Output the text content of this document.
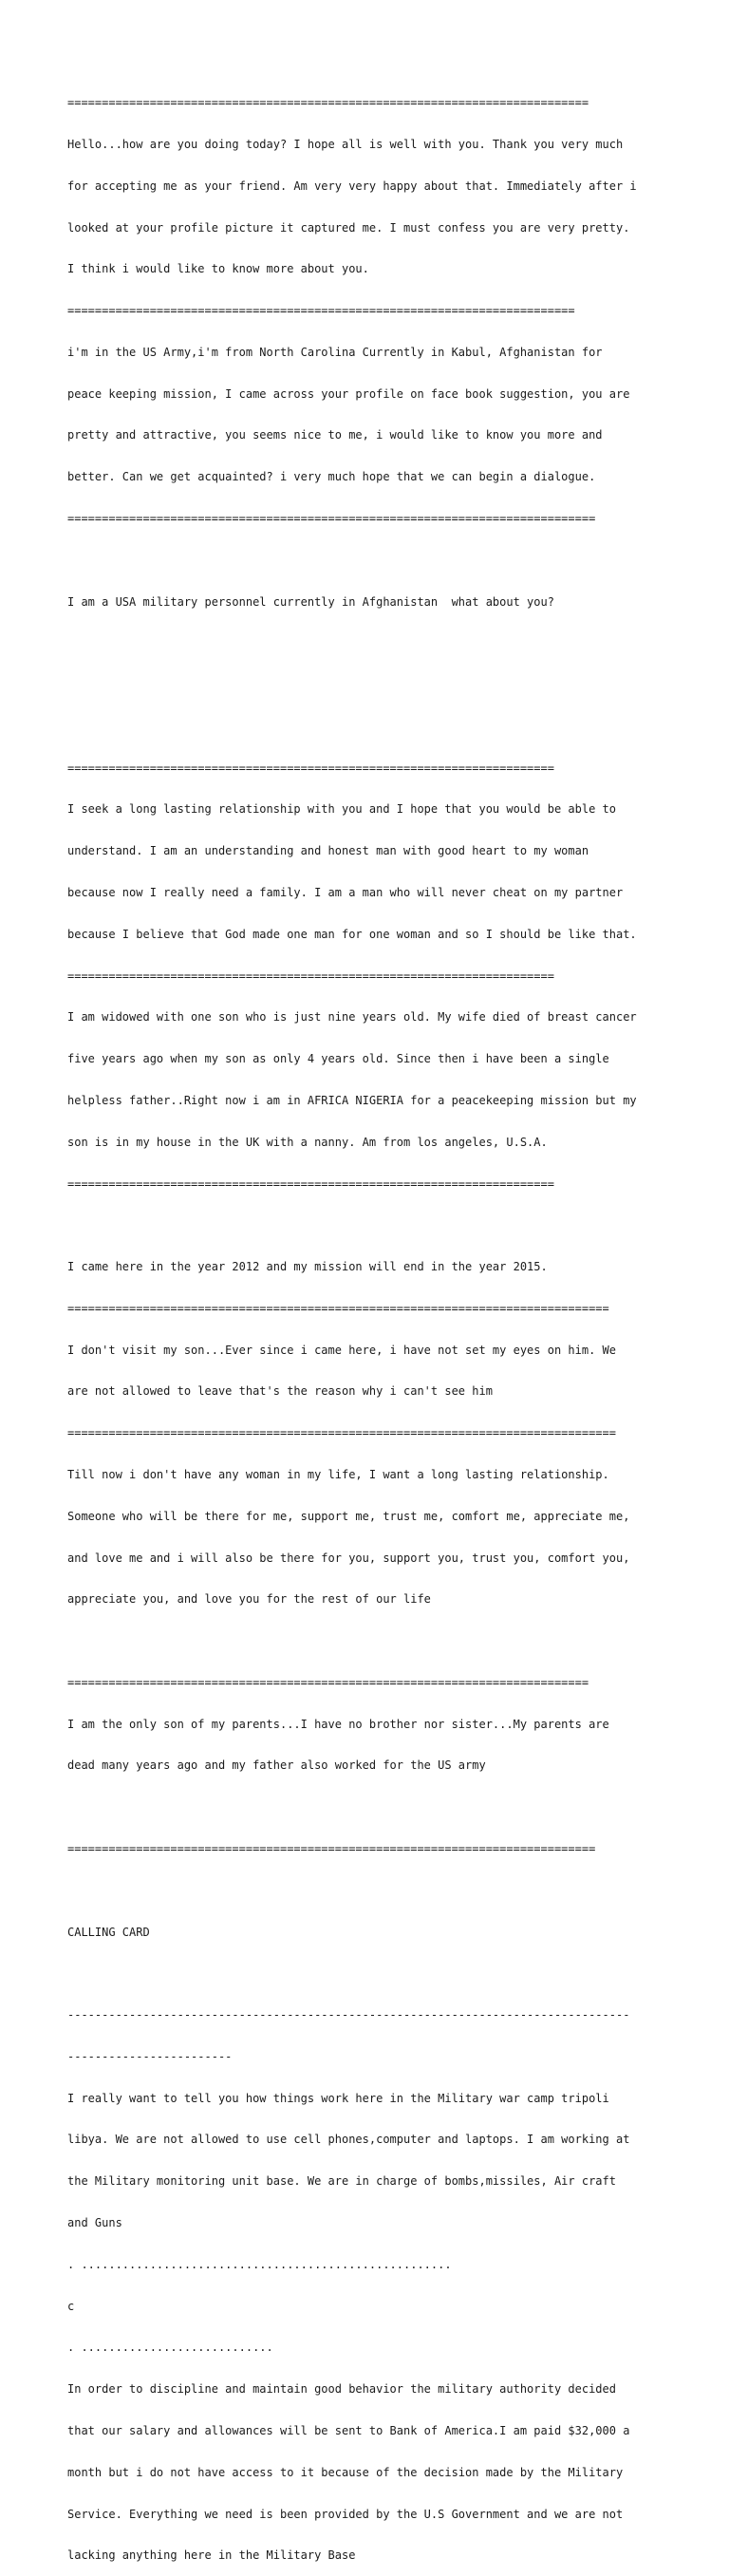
============================================================================

Hello...how are you doing today? I hope all is well with you. Thank you very much

for accepting me as your friend. Am very very happy about that. Immediately after i

looked at your profile picture it captured me. I must confess you are very pretty.

I think i would like to know more about you.

==========================================================================

i'm in the US Army,i'm from North Carolina Currently in Kabul, Afghanistan for

peace keeping mission, I came across your profile on face book suggestion, you are

pretty and attractive, you seems nice to me, i would like to know you more and

better. Can we get acquainted? i very much hope that we can begin a dialogue.

=============================================================================

I am a USA military personnel currently in Afghanistan  what about you?

=======================================================================

I seek a long lasting relationship with you and I hope that you would be able to

understand. I am an understanding and honest man with good heart to my woman

because now I really need a family. I am a man who will never cheat on my partner

because I believe that God made one man for one woman and so I should be like that.

=======================================================================

I am widowed with one son who is just nine years old. My wife died of breast cancer

five years ago when my son as only 4 years old. Since then i have been a single

helpless father..Right now i am in AFRICA NIGERIA for a peacekeeping mission but my

son is in my house in the UK with a nanny. Am from los angeles, U.S.A.

=======================================================================

I came here in the year 2012 and my mission will end in the year 2015.

===============================================================================

I don't visit my son...Ever since i came here, i have not set my eyes on him. We

are not allowed to leave that's the reason why i can't see him

================================================================================

Till now i don't have any woman in my life, I want a long lasting relationship.

Someone who will be there for me, support me, trust me, comfort me, appreciate me,

and love me and i will also be there for you, support you, trust you, comfort you,

appreciate you, and love you for the rest of our life

============================================================================

I am the only son of my parents...I have no brother nor sister...My parents are

dead many years ago and my father also worked for the US army

=============================================================================

CALLING CARD

----------------------------------------------------------------------------------

------------------------

I really want to tell you how things work here in the Military war camp tripoli

libya. We are not allowed to use cell phones,computer and laptops. I am working at

the Military monitoring unit base. We are in charge of bombs,missiles, Air craft

and Guns

. ......................................................

c

. ............................

In order to discipline and maintain good behavior the military authority decided

that our salary and allowances will be sent to Bank of America.I am paid $32,000 a

month but i do not have access to it because of the decision made by the Military

Service. Everything we need is been provided by the U.S Government and we are not

lacking anything here in the Military Base
